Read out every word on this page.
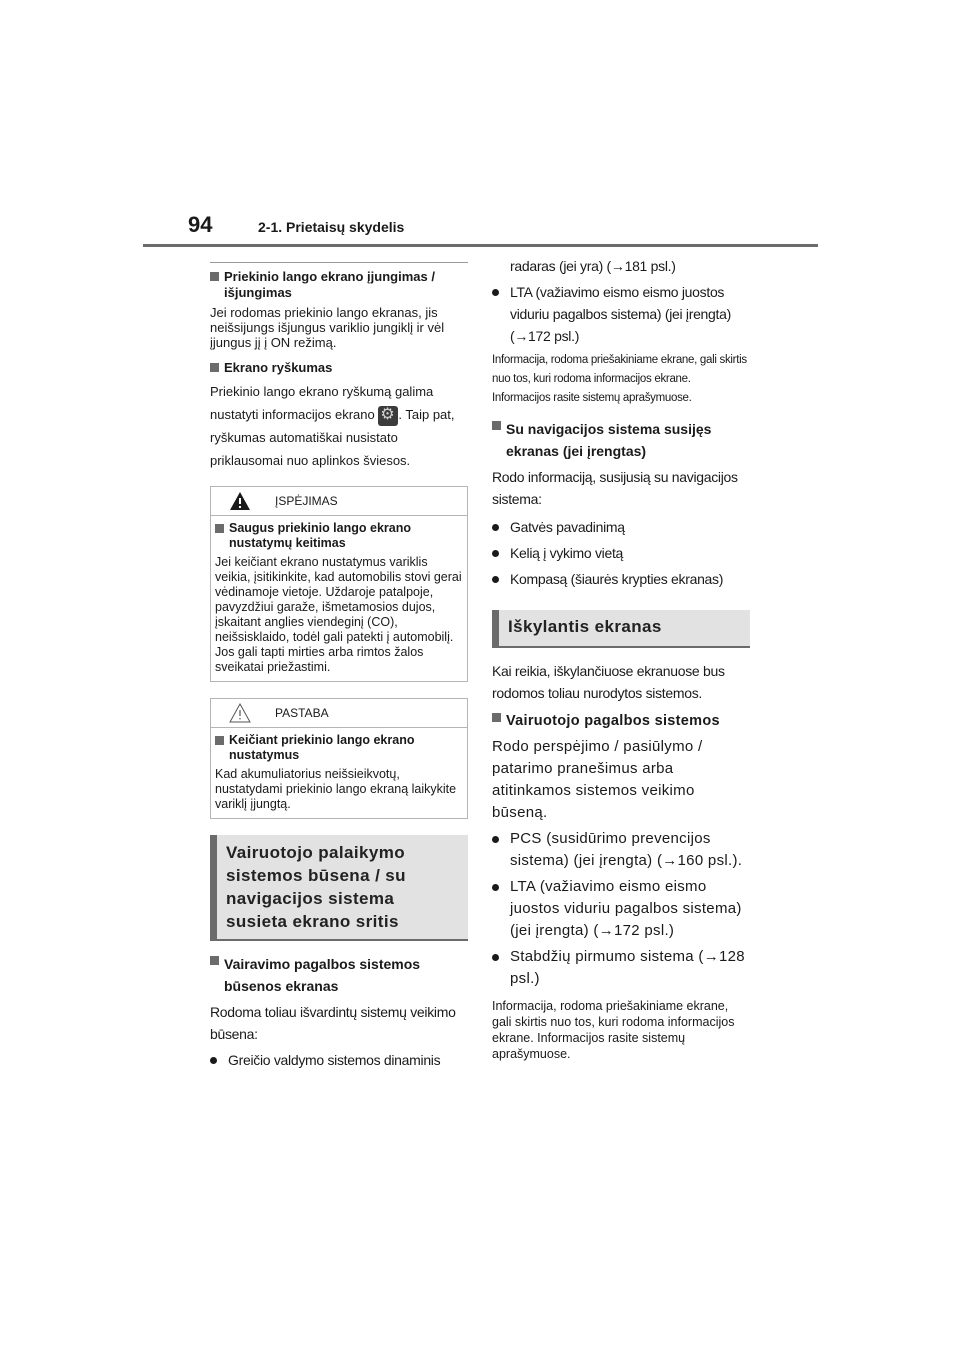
94	2-1. Prietaisų skydelis
Priekinio lango ekrano įjungimas / išjungimas

Jei rodomas priekinio lango ekranas, jis neišsijungs išjungus variklio jungiklį ir vėl įjungus jį į ON režimą.

Ekrano ryškumas

Priekinio lango ekrano ryškumą galima nustatyti informacijos ekrano ⚙ . Taip pat, ryškumas automatiškai nusistato priklausomai nuo aplinkos šviesos.

ĮSPĖJIMAS
Saugus priekinio lango ekrano nustatymų keitimas

Jei keičiant ekrano nustatymus variklis veikia, įsitikinkite, kad automobilis stovi gerai vėdinamoje vietoje. Uždaroje patalpoje, pavyzdžiui garaže, išmetamosios dujos, įskaitant anglies viendeginį (CO), neišsisklaido, todėl gali patekti į automobilį. Jos gali tapti mirties arba rimtos žalos sveikatai priežastimi.

PASTABA
Keičiant priekinio lango ekrano nustatymus

Kad akumuliatorius neišsieikvotų, nustatydami priekinio lango ekraną laikykite variklį įjungtą.

Vairuotojo palaikymo sistemos būsena / su navigacijos sistema susieta ekrano sritis
Vairavimo pagalbos sistemos būsenos ekranas

Rodoma toliau išvardintų sistemų veikimo būsena:

Greičio valdymo sistemos dinaminis

radaras (jei yra) (→181 psl.)

LTA (važiavimo eismo eismo juostos viduriu pagalbos sistema) (jei įrengta) (→172 psl.)

Informacija, rodoma priešakiniame ekrane, gali skirtis nuo tos, kuri rodoma informacijos ekrane. Informacijos rasite sistemų aprašymuose.

Su navigacijos sistema susijęs ekranas (jei įrengtas)

Rodo informaciją, susijusią su navigacijos sistema:

Gatvės pavadinimą

Kelią į vykimo vietą

Kompasą (šiaurės krypties ekranas)

Iškylantis ekranas

Kai reikia, iškylančiuose ekranuose bus rodomos toliau nurodytos sistemos.

Vairuotojo pagalbos sistemos

Rodo perspėjimo / pasiūlymo / patarimo pranešimus arba atitinkamos sistemos veikimo būseną.

PCS (susidūrimo prevencijos sistema) (jei įrengta) (→160 psl.).

LTA (važiavimo eismo eismo juostos viduriu pagalbos sistema) (jei įrengta) (→172 psl.)

Stabdžių pirmumo sistema (→128 psl.)

Informacija, rodoma priešakiniame ekrane, gali skirtis nuo tos, kuri rodoma informacijos ekrane. Informacijos rasite sistemų aprašymuose.
